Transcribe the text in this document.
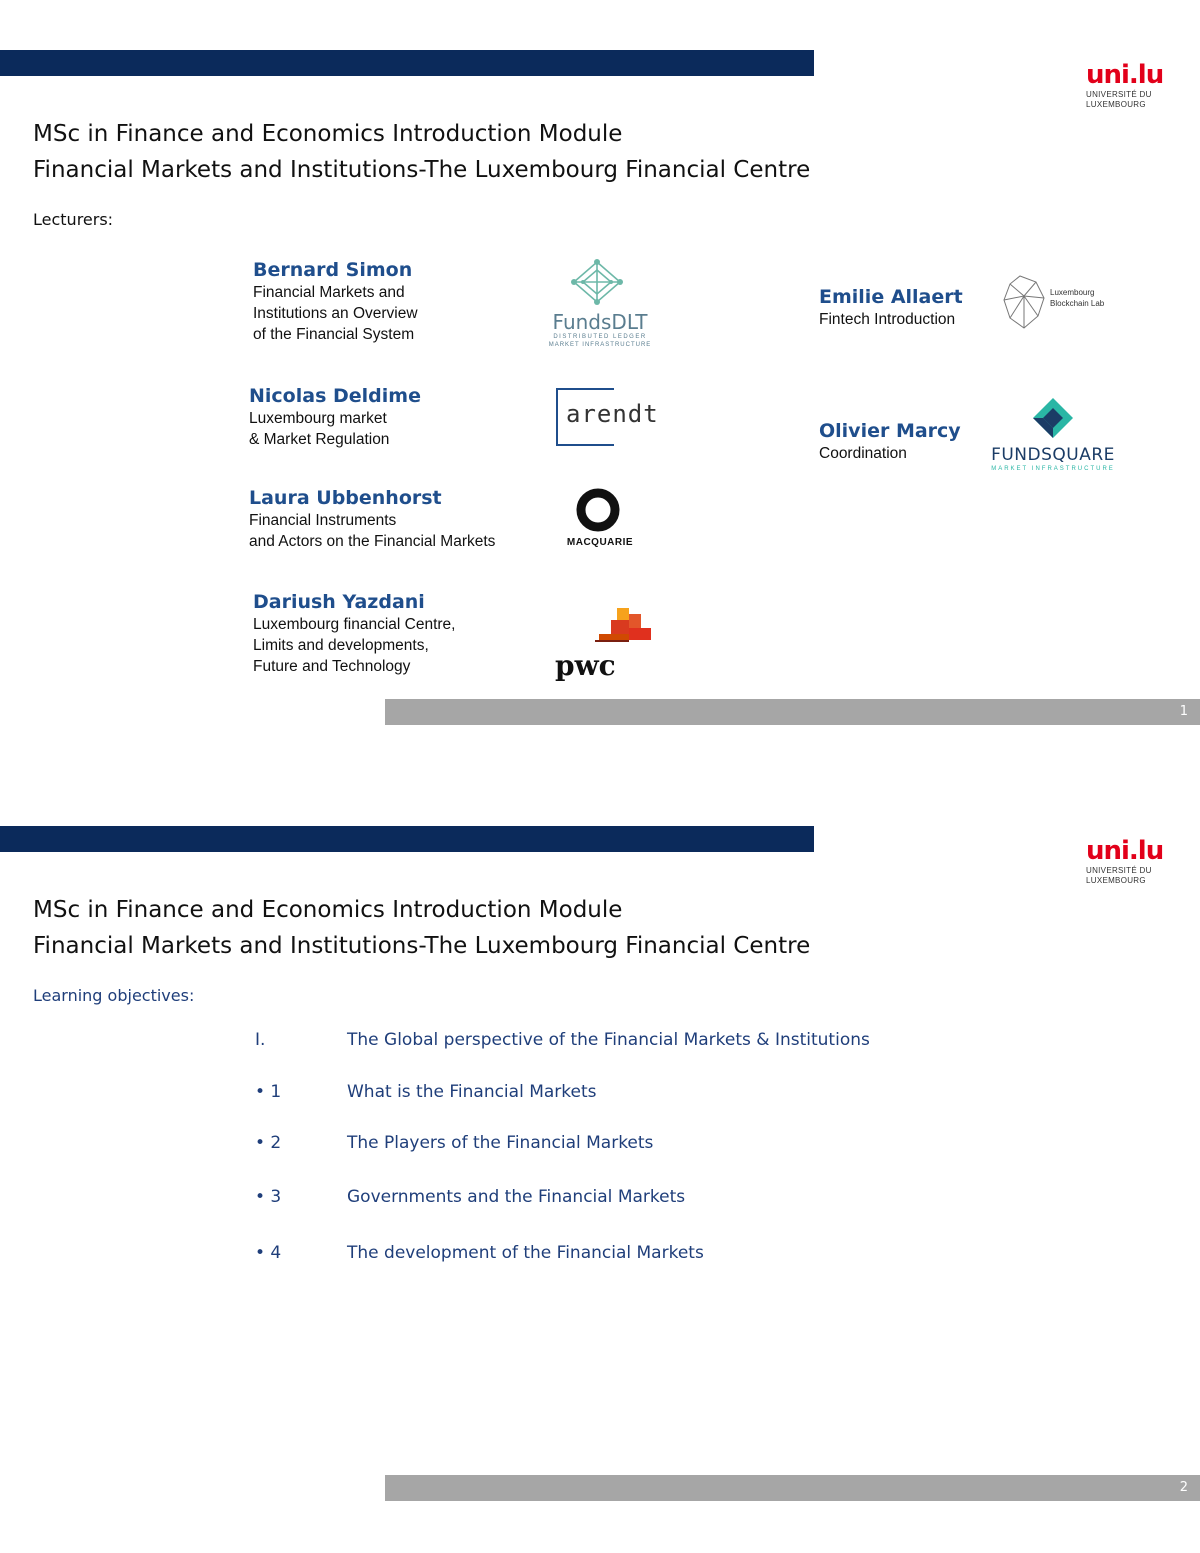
uni.lu
UNIVERSITÉ DU
LUXEMBOURG
MSc in Finance and Economics Introduction Module
Financial Markets and Institutions-The Luxembourg Financial Centre
Lecturers:
Bernard Simon
Financial Markets and
Institutions an Overview
of the Financial System
Nicolas Deldime
Luxembourg market
& Market Regulation
Laura Ubbenhorst
Financial Instruments
and Actors on the Financial Markets
Dariush Yazdani
Luxembourg financial Centre,
Limits and developments,
Future and Technology
Emilie Allaert
Fintech Introduction
Olivier Marcy
Coordination
FundsDLT
DISTRIBUTED LEDGER
MARKET INFRASTRUCTURE
arendt
MACQUARIE
pwc
Luxembourg
Blockchain Lab
FUNDSQUARE
MARKET INFRASTRUCTURE
1
uni.lu
UNIVERSITÉ DU
LUXEMBOURG
MSc in Finance and Economics Introduction Module
Financial Markets and Institutions-The Luxembourg Financial Centre
Learning objectives:
I.	The Global perspective of the Financial Markets & Institutions
• 1	What is the Financial Markets
• 2	The Players of the Financial Markets
• 3	Governments and the Financial Markets
• 4	The development of the Financial Markets
2
